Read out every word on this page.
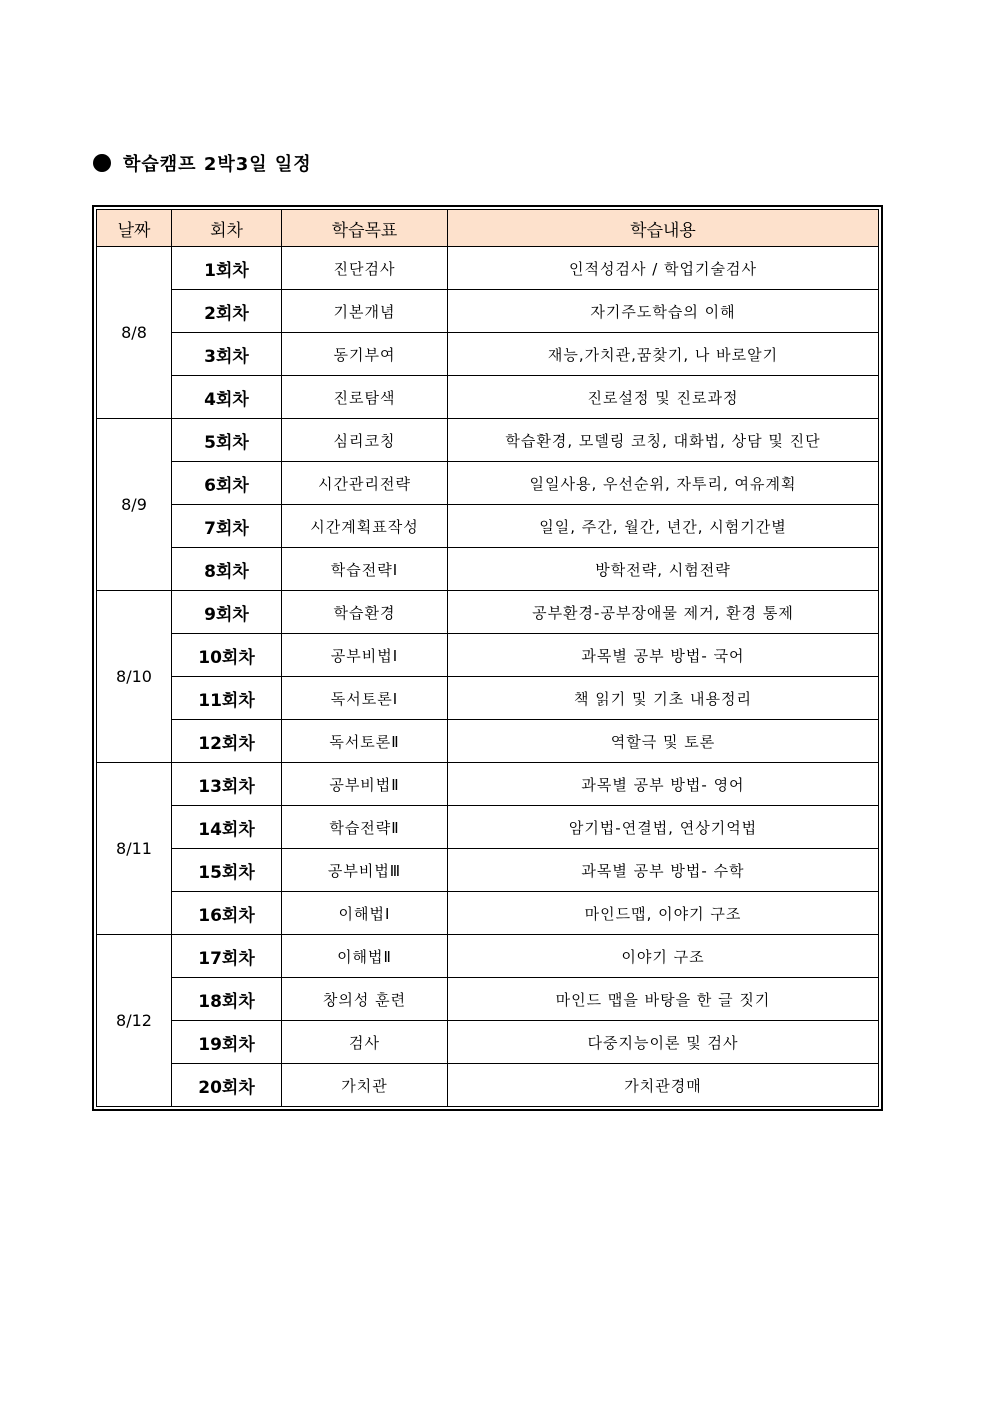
학습캠프 2박3일 일정
날짜	회차	학습목표	학습내용
8/8	1회차	진단검사	인적성검사 / 학업기술검사
	2회차	기본개념	자기주도학습의 이해
	3회차	동기부여	재능,가치관,꿈찾기, 나 바로알기
	4회차	진로탐색	진로설정 및 진로과정
8/9	5회차	심리코칭	학습환경, 모델링 코칭, 대화법, 상담 및 진단
	6회차	시간관리전략	일일사용, 우선순위, 자투리, 여유계획
	7회차	시간계획표작성	일일, 주간, 월간, 년간, 시험기간별
	8회차	학습전략Ⅰ	방학전략, 시험전략
8/10	9회차	학습환경	공부환경-공부장애물 제거, 환경 통제
	10회차	공부비법Ⅰ	과목별 공부 방법- 국어
	11회차	독서토론Ⅰ	책 읽기 및 기초 내용정리
	12회차	독서토론Ⅱ	역할극 및 토론
8/11	13회차	공부비법Ⅱ	과목별 공부 방법- 영어
	14회차	학습전략Ⅱ	암기법-연결법, 연상기억법
	15회차	공부비법Ⅲ	과목별 공부 방법- 수학
	16회차	이해법Ⅰ	마인드맵, 이야기 구조
8/12	17회차	이해법Ⅱ	이야기 구조
	18회차	창의성 훈련	마인드 맵을 바탕을 한 글 짓기
	19회차	검사	다중지능이론 및 검사
	20회차	가치관	가치관경매
